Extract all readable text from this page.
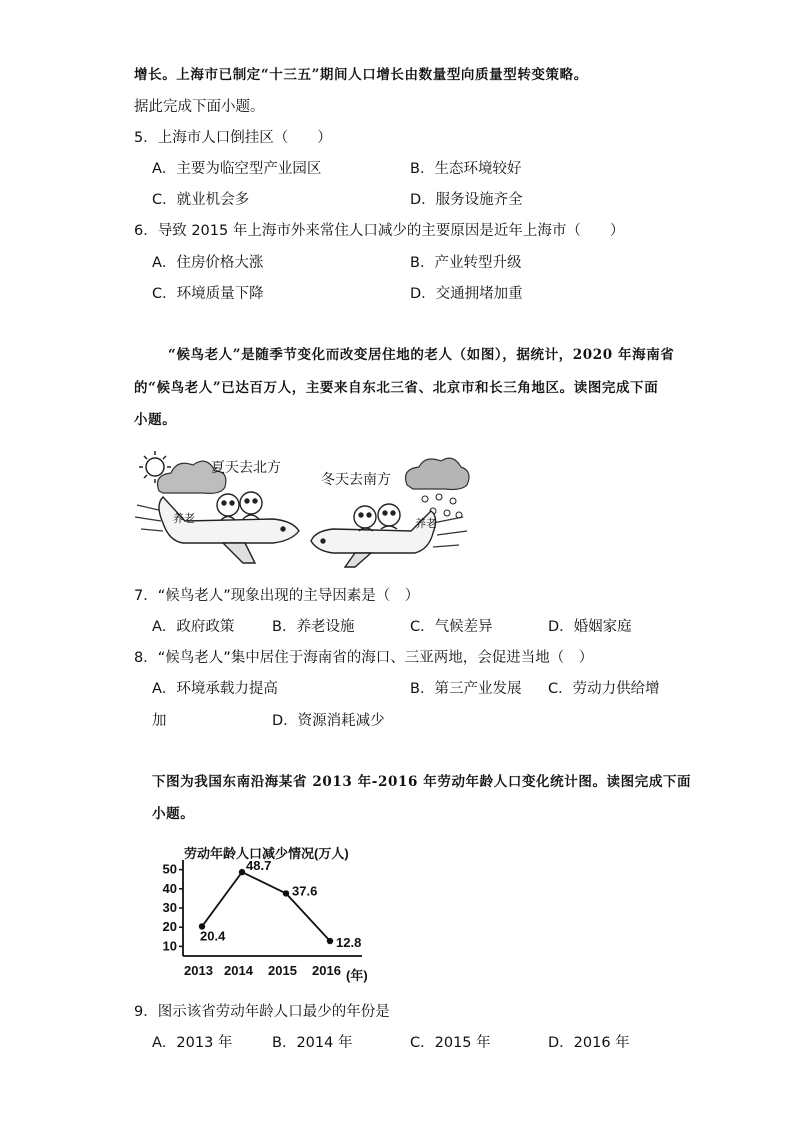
增长。上海市已制定“十三五”期间人口增长由数量型向质量型转变策略。
据此完成下面小题。
5．上海市人口倒挂区（　　）
A．主要为临空型产业园区	B．生态环境较好
C．就业机会多	D．服务设施齐全
6．导致 2015 年上海市外来常住人口减少的主要原因是近年上海市（　　）
A．住房价格大涨	B．产业转型升级
C．环境质量下降	D．交通拥堵加重
“候鸟老人”是随季节变化而改变居住地的老人（如图），据统计，2020 年海南省
的“候鸟老人”已达百万人，主要来自东北三省、北京市和长三角地区。读图完成下面
小题。
夏天去北方
养老
冬天去南方
养老
7．“候鸟老人”现象出现的主导因素是（　）
A．政府政策	B．养老设施	C．气候差异	D．婚姻家庭
8．“候鸟老人”集中居住于海南省的海口、三亚两地，会促进当地（　）
A．环境承载力提高	B．第三产业发展 C．劳动力供给增
加	D．资源消耗减少
下图为我国东南沿海某省 2013 年-2016 年劳动年龄人口变化统计图。读图完成下面
小题。
劳动年龄人口减少情况(万人)
10
20
30
40
50
2013 2014 2015 2016
20.4
48.7
37.6
12.8
(年)
9．图示该省劳动年龄人口最少的年份是
A．2013 年	B．2014 年	C．2015 年	D．2016 年
